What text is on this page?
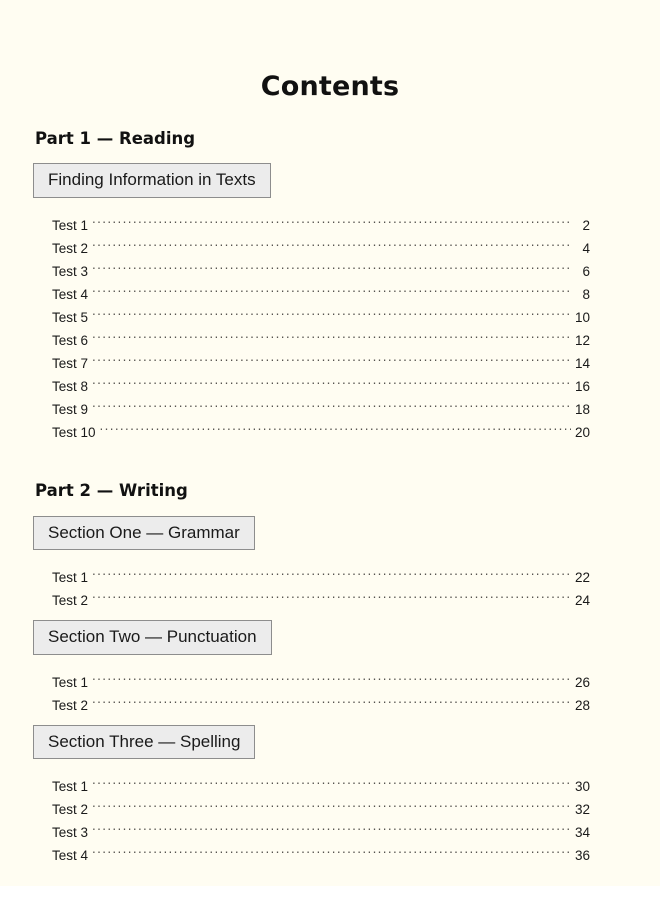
Contents
Part 1 — Reading
Finding Information in Texts
Test 1 .....	2
Test 2 .....	4
Test 3 .....	6
Test 4 .....	8
Test 5 .....	10
Test 6 .....	12
Test 7 .....	14
Test 8 .....	16
Test 9 .....	18
Test 10 .....	20
Part 2 — Writing
Section One — Grammar
Test 1 .....	22
Test 2 .....	24
Section Two — Punctuation
Test 1 .....	26
Test 2 .....	28
Section Three — Spelling
Test 1 .....	30
Test 2 .....	32
Test 3 .....	34
Test 4 .....	36
